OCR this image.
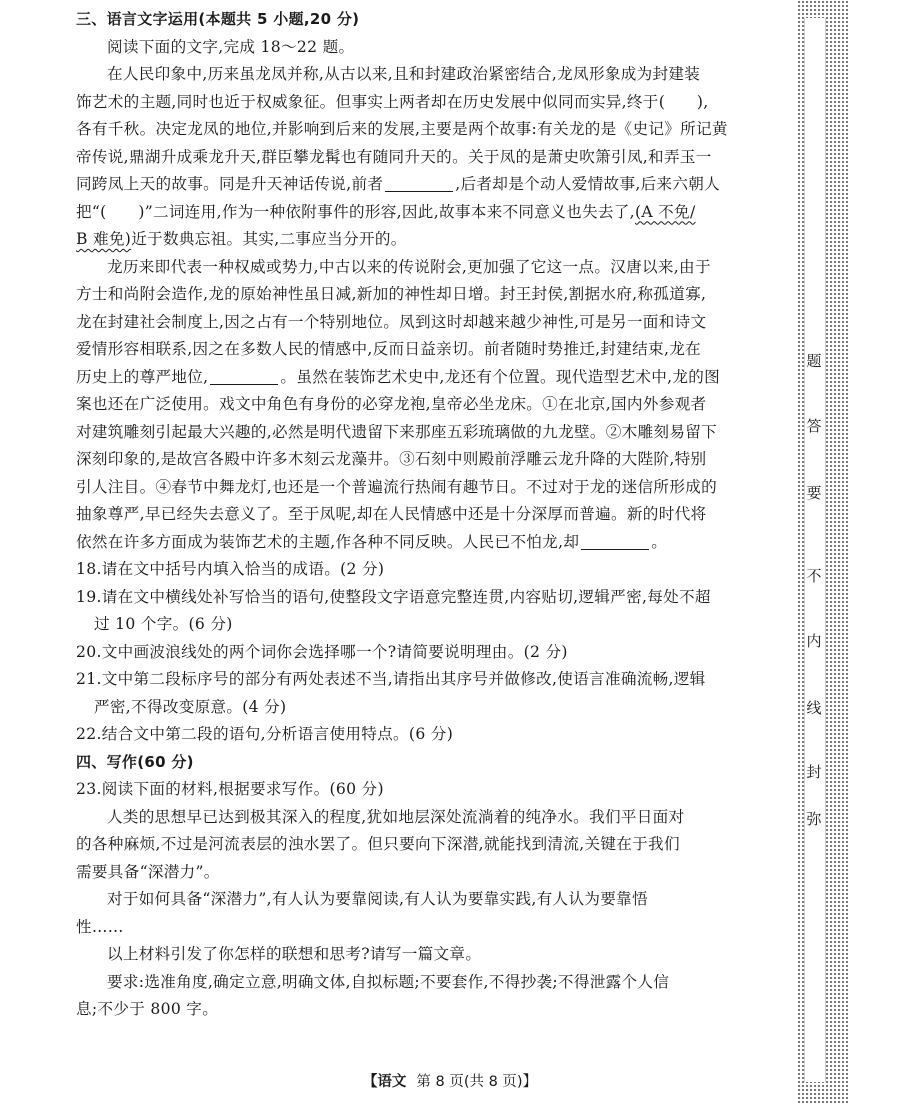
三、语言文字运用(本题共 5 小题,20 分)
阅读下面的文字,完成 18～22 题。
在人民印象中,历来虽龙凤并称,从古以来,且和封建政治紧密结合,龙凤形象成为封建装
饰艺术的主题,同时也近于权威象征。但事实上两者却在历史发展中似同而实异,终于(　　),
各有千秋。决定龙凤的地位,并影响到后来的发展,主要是两个故事:有关龙的是《史记》所记黄
帝传说,鼎湖升成乘龙升天,群臣攀龙髯也有随同升天的。关于凤的是萧史吹箫引凤,和弄玉一
同跨凤上天的故事。同是升天神话传说,前者	,后者却是个动人爱情故事,后来六朝人
把“(　　)”二词连用,作为一种依附事件的形容,因此,故事本来不同意义也失去了,(A 不免/
B 难免)近于数典忘祖。其实,二事应当分开的。
龙历来即代表一种权威或势力,中古以来的传说附会,更加强了它这一点。汉唐以来,由于
方士和尚附会造作,龙的原始神性虽日减,新加的神性却日增。封王封侯,割据水府,称孤道寡,
龙在封建社会制度上,因之占有一个特别地位。凤到这时却越来越少神性,可是另一面和诗文
爱情形容相联系,因之在多数人民的情感中,反而日益亲切。前者随时势推迁,封建结束,龙在
历史上的尊严地位,	。虽然在装饰艺术史中,龙还有个位置。现代造型艺术中,龙的图
案也还在广泛使用。戏文中角色有身份的必穿龙袍,皇帝必坐龙床。①在北京,国内外参观者
对建筑雕刻引起最大兴趣的,必然是明代遗留下来那座五彩琉璃做的九龙壁。②木雕刻易留下
深刻印象的,是故宫各殿中许多木刻云龙藻井。③石刻中则殿前浮雕云龙升降的大陛阶,特别
引人注目。④春节中舞龙灯,也还是一个普遍流行热闹有趣节日。不过对于龙的迷信所形成的
抽象尊严,早已经失去意义了。至于凤呢,却在人民情感中还是十分深厚而普遍。新的时代将
依然在许多方面成为装饰艺术的主题,作各种不同反映。人民已不怕龙,却	。
18.请在文中括号内填入恰当的成语。(2 分)
19.请在文中横线处补写恰当的语句,使整段文字语意完整连贯,内容贴切,逻辑严密,每处不超
过 10 个字。(6 分)
20.文中画波浪线处的两个词你会选择哪一个?请简要说明理由。(2 分)
21.文中第二段标序号的部分有两处表述不当,请指出其序号并做修改,使语言准确流畅,逻辑
严密,不得改变原意。(4 分)
22.结合文中第二段的语句,分析语言使用特点。(6 分)
四、写作(60 分)
23.阅读下面的材料,根据要求写作。(60 分)
人类的思想早已达到极其深入的程度,犹如地层深处流淌着的纯净水。我们平日面对
的各种麻烦,不过是河流表层的浊水罢了。但只要向下深潜,就能找到清流,关键在于我们
需要具备“深潜力”。
对于如何具备“深潜力”,有人认为要靠阅读,有人认为要靠实践,有人认为要靠悟
性……
以上材料引发了你怎样的联想和思考?请写一篇文章。
要求:选准角度,确定立意,明确文体,自拟标题;不要套作,不得抄袭;不得泄露个人信
息;不少于 800 字。
【语文 第 8 页(共 8 页)】
弥
封
线
内
不
要
答
题
